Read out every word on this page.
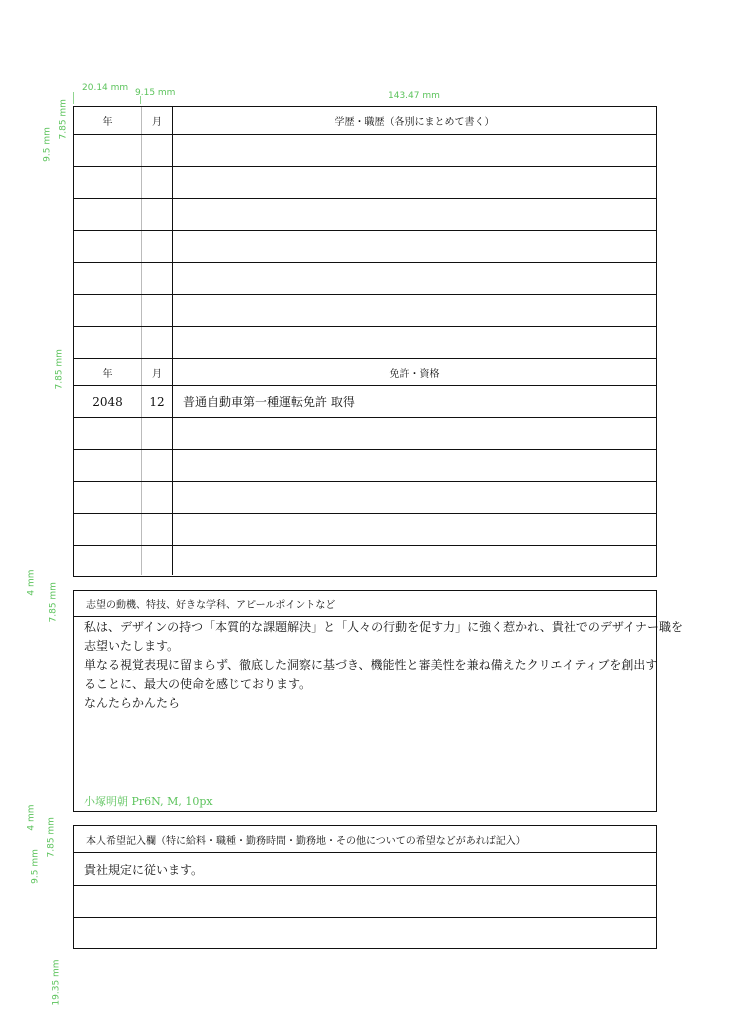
20.14 mm 9.15 mm	143.47 mm
7.85 mm
9.5 mm
7.85 mm
4 mm 7.85 mm
4 mm 7.85 mm
9.5 mm
19.35 mm
年	月	学歴・職歴（各別にまとめて書く）
年	月	免許・資格
2048	12	普通自動車第一種運転免許 取得
志望の動機、特技、好きな学科、アピールポイントなど
私は、デザインの持つ「本質的な課題解決」と「人々の行動を促す力」に強く惹かれ、貴社でのデザイナー職を
志望いたします。
単なる視覚表現に留まらず、徹底した洞察に基づき、機能性と審美性を兼ね備えたクリエイティブを創出す
ることに、最大の使命を感じております。
なんたらかんたら
小塚明朝 Pr6N, M, 10px
本人希望記入欄（特に給料・職種・勤務時間・勤務地・その他についての希望などがあれば記入）
貴社規定に従います。
